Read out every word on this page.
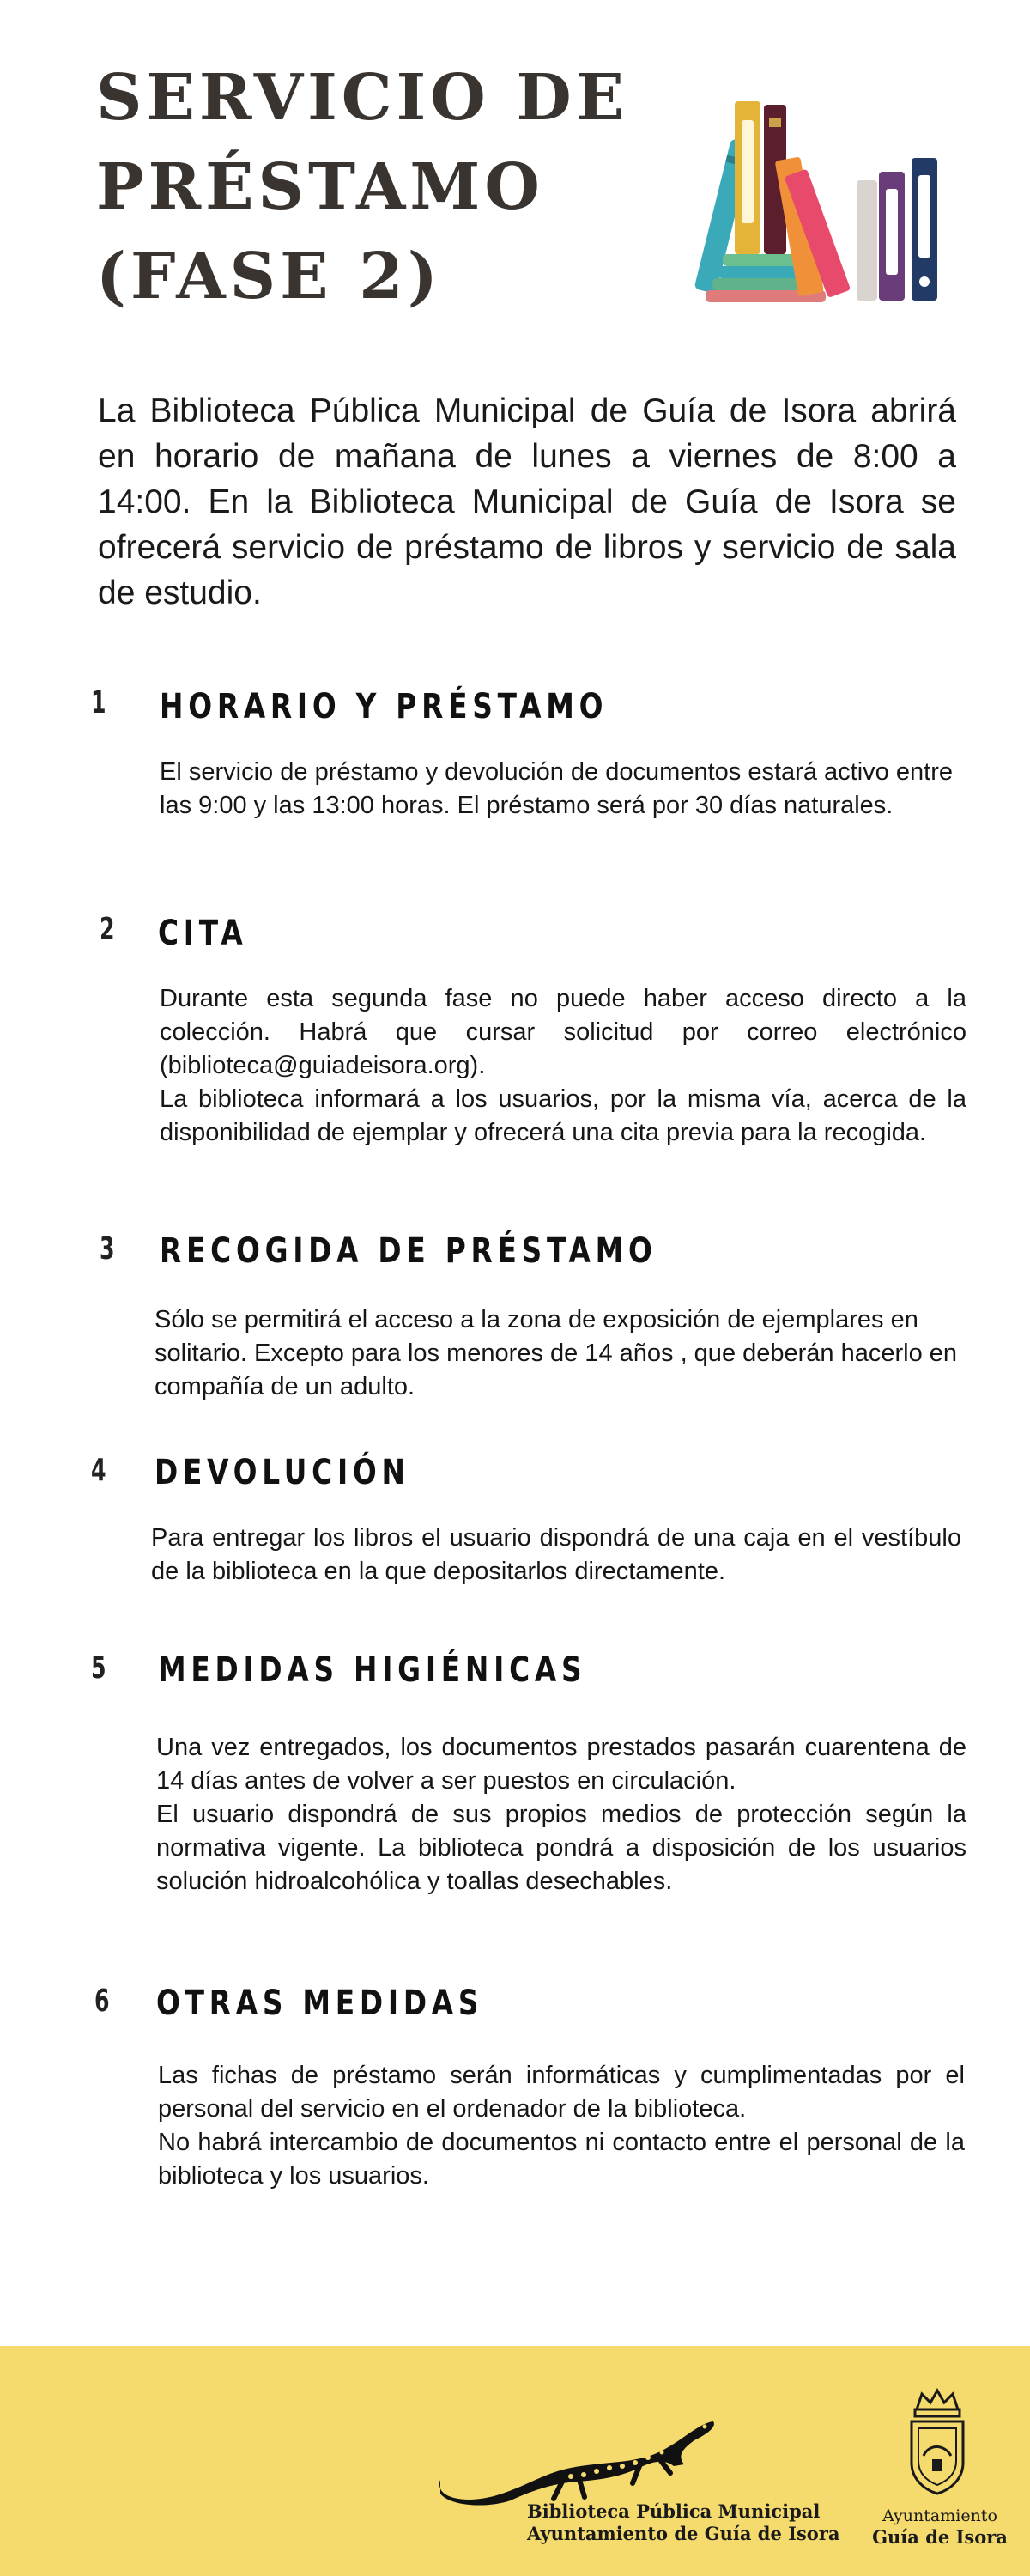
SERVICIO DE
PRÉSTAMO
(FASE 2)

La Biblioteca Pública Municipal de Guía de Isora abrirá en horario de mañana de lunes a viernes de 8:00 a 14:00. En la Biblioteca Municipal de Guía de Isora se ofrecerá servicio de préstamo de libros y servicio de sala de estudio.

1 HORARIO Y PRÉSTAMO

El servicio de préstamo y devolución de documentos estará activo entre las 9:00 y las 13:00 horas. El préstamo será por 30 días naturales.

2 CITA

Durante esta segunda fase no puede haber acceso directo a la colección. Habrá que cursar solicitud por correo electrónico (biblioteca@guiadeisora.org).

La biblioteca informará a los usuarios, por la misma vía, acerca de la disponibilidad de ejemplar y ofrecerá una cita previa para la recogida.

3 RECOGIDA DE PRÉSTAMO

Sólo se permitirá el acceso a la zona de exposición de ejemplares en solitario. Excepto para los menores de 14 años , que deberán hacerlo en compañía de un adulto.

4 DEVOLUCIÓN

Para entregar los libros el usuario dispondrá de una caja en el vestíbulo de la biblioteca en la que depositarlos directamente.

5 MEDIDAS HIGIÉNICAS

Una vez entregados, los documentos prestados pasarán cuarentena de 14 días antes de volver a ser puestos en circulación.

El usuario dispondrá de sus propios medios de protección según la normativa vigente. La biblioteca pondrá a disposición de los usuarios solución hidroalcohólica y toallas desechables.

6 OTRAS MEDIDAS

Las fichas de préstamo serán informáticas y cumplimentadas por el personal del servicio en el ordenador de la biblioteca.

No habrá intercambio de documentos ni contacto entre el personal de la biblioteca y los usuarios.

Biblioteca Pública Municipal
Ayuntamiento de Guía de Isora

Ayuntamiento
Guía de Isora
